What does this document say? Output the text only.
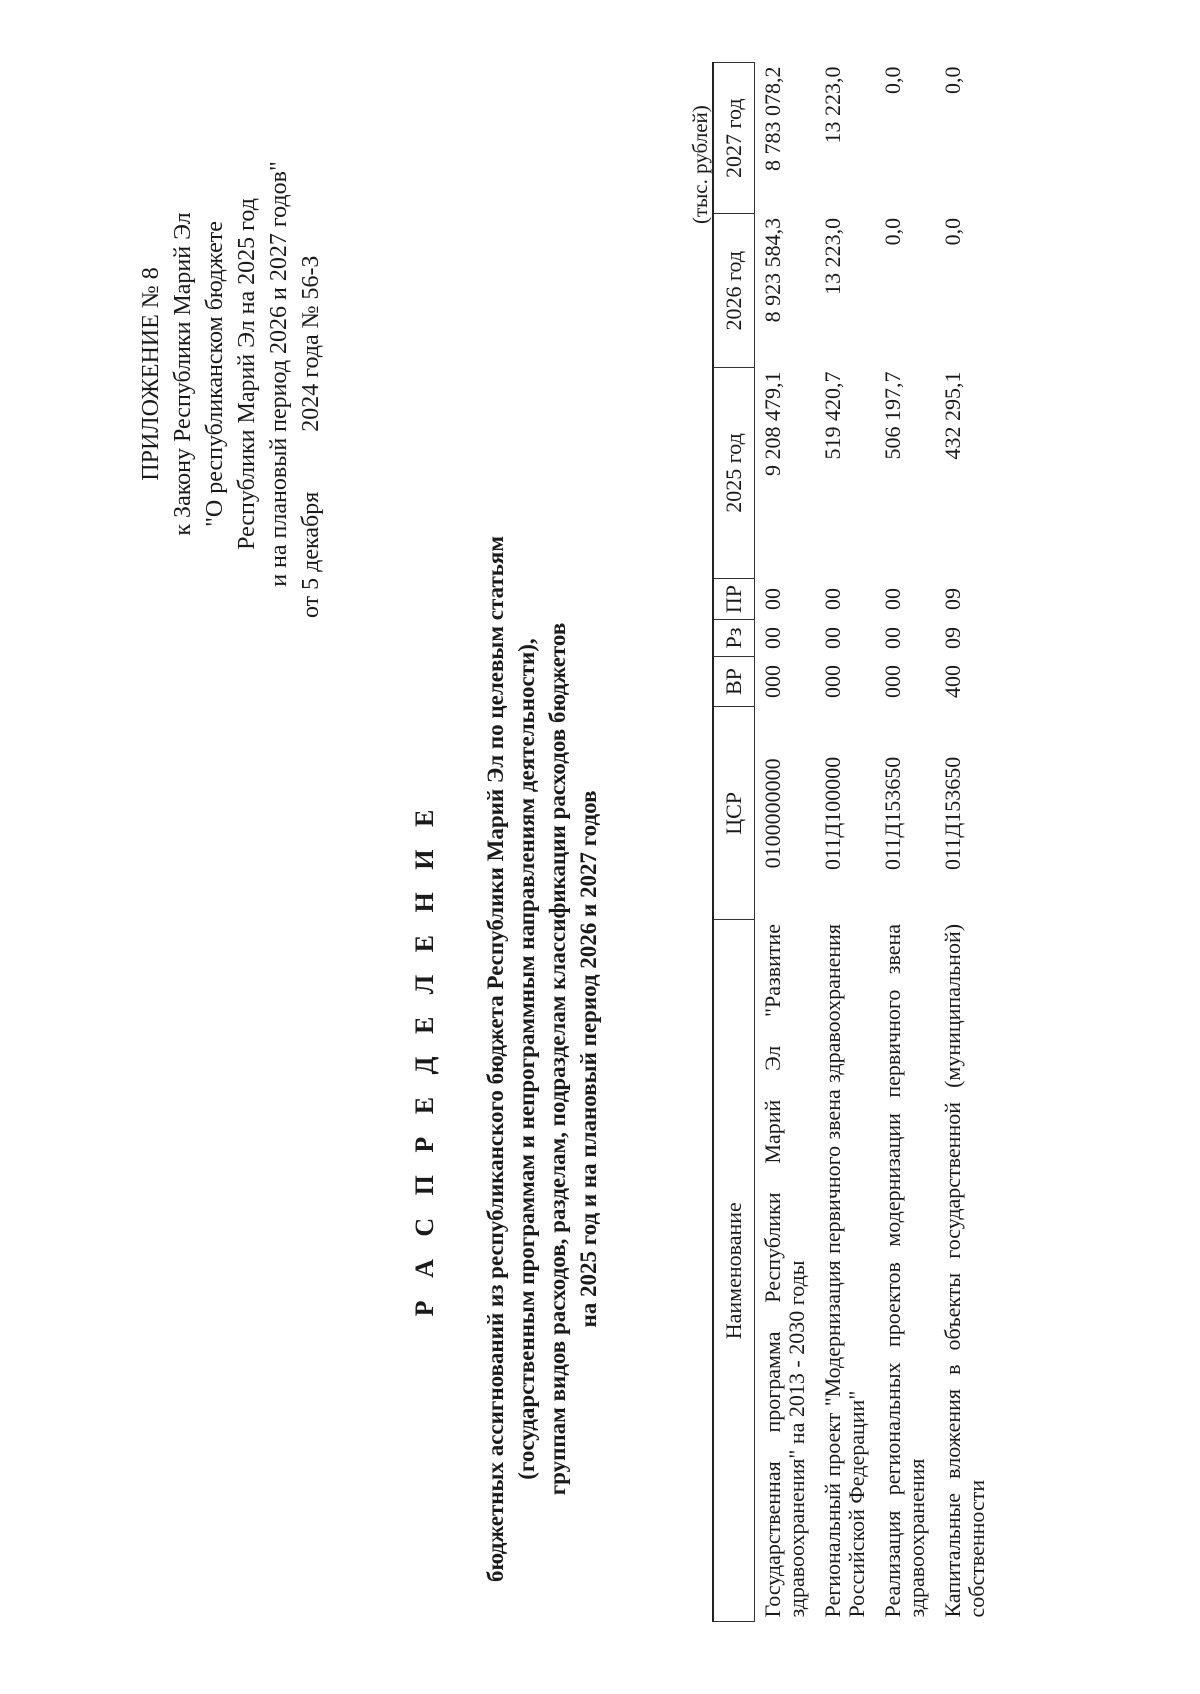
ПРИЛОЖЕНИЕ № 8 к Закону Республики Марий Эл "О республиканском бюджете Республики Марий Эл на 2025 год и на плановый период 2026 и 2027 годов"
от 5 декабря  2024 года № 56-З
Р А С П Р Е Д Е Л Е Н И Е бюджетных ассигнований из республиканского бюджета Республики Марий Эл по целевым статьям (государственным программам и непрограммным направлениям деятельности), группам видов расходов, разделам, подразделам классификации расходов бюджетов на 2025 год и на плановый период 2026 и 2027 годов
(тыс. рублей)
Наименование	ЦСР	ВР	Рз	ПР	2025 год	2026 год	2027 год
Государственная программа Республики Марий Эл "Развитие здравоохранения" на 2013 - 2030 годы	0100000000	000	00	00	9 208 479,1	8 923 584,3	8 783 078,2
Региональный проект "Модернизация первичного звена здравоохранения Российской Федерации"	011Д100000	000	00	00	519 420,7	13 223,0	13 223,0
Реализация региональных проектов модернизации первичного звена здравоохранения	011Д153650	000	00	00	506 197,7	0,0	0,0
Капитальные вложения в объекты государственной (муниципальной) собственности	011Д153650	400	09	09	432 295,1	0,0	0,0
